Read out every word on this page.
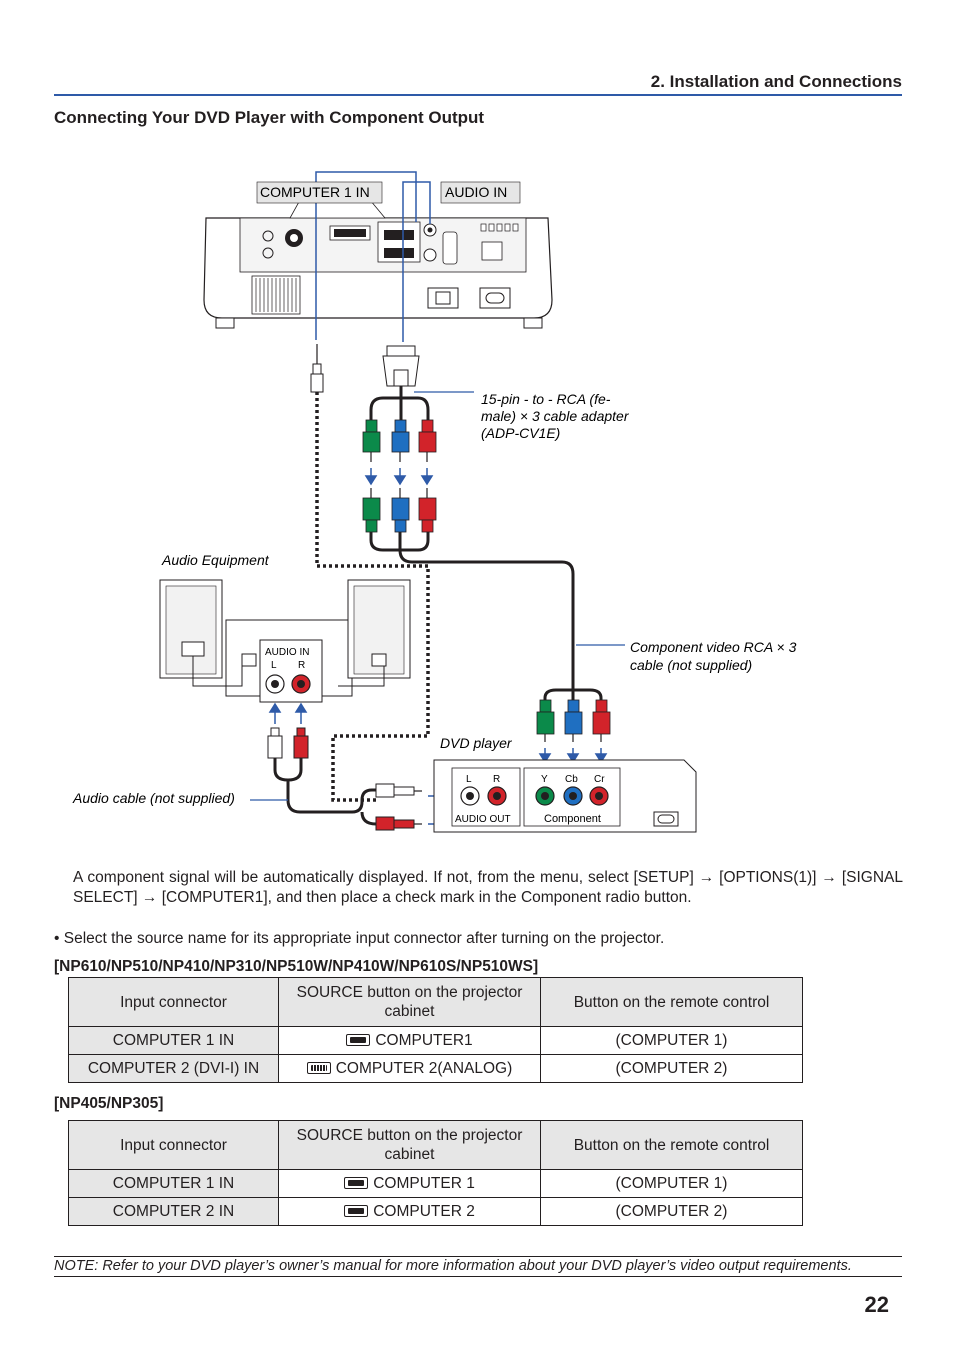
2. Installation and Connections
Connecting Your DVD Player with Component Output
COMPUTER 1 IN	AUDIO IN
15-pin - to - RCA (fe-
male) × 3 cable adapter
(ADP-CV1E)
Component video RCA × 3
cable (not supplied)
Audio Equipment
AUDIO IN
L R
Audio cable (not supplied)
DVD player
L R
AUDIO OUT
Y Cb Cr
Component
A component signal will be automatically displayed. If not, from the menu, select [SETUP] → [OPTIONS(1)] → [SIGNAL SELECT] → [COMPUTER1], and then place a check mark in the Component radio button.
• Select the source name for its appropriate input connector after turning on the projector.
[NP610/NP510/NP410/NP310/NP510W/NP410W/NP610S/NP510WS]
Input connector	SOURCE button on the projector cabinet	Button on the remote control
COMPUTER 1 IN	COMPUTER1	(COMPUTER 1)
COMPUTER 2 (DVI-I) IN	COMPUTER 2(ANALOG)	(COMPUTER 2)
[NP405/NP305]
Input connector	SOURCE button on the projector cabinet	Button on the remote control
COMPUTER 1 IN	COMPUTER 1	(COMPUTER 1)
COMPUTER 2 IN	COMPUTER 2	(COMPUTER 2)
NOTE: Refer to your DVD player’s owner’s manual for more information about your DVD player’s video output requirements.
22
